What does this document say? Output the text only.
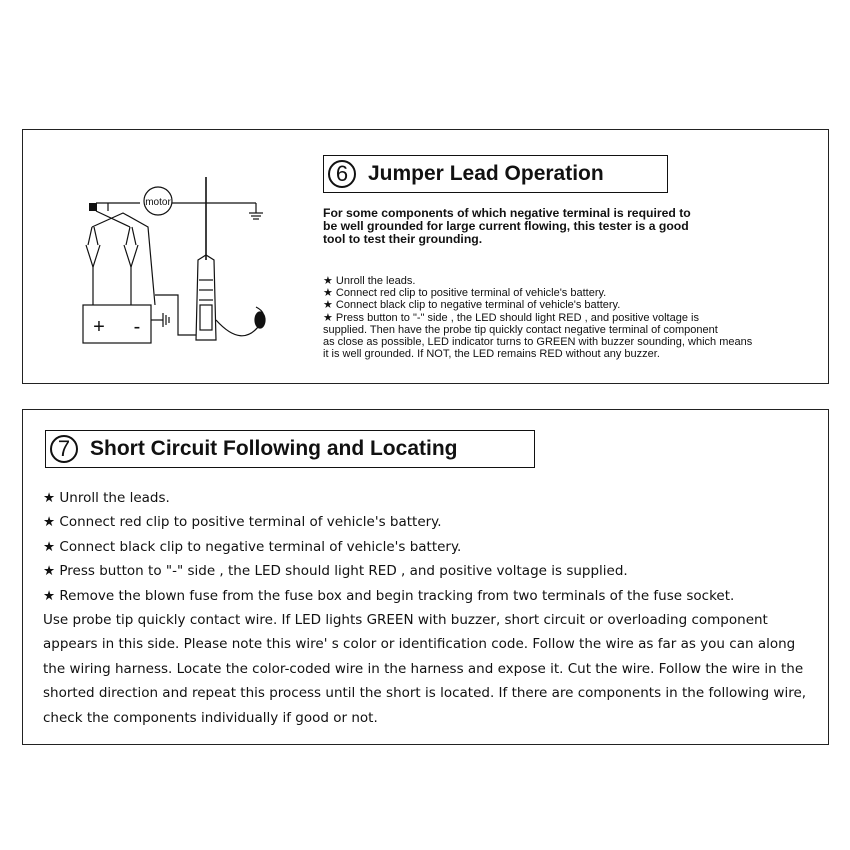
motor
+ -
6 Jumper Lead Operation
For some components of which negative terminal is required to
be well grounded for large current flowing, this tester is a good
tool to test their grounding.
★ Unroll the leads.
★ Connect red clip to positive terminal of vehicle's battery.
★ Connect black clip to negative terminal of vehicle's battery.
★ Press button to "-" side , the LED should light RED , and positive voltage is
supplied. Then have the probe tip quickly contact negative terminal of component
as close as possible, LED indicator turns to GREEN with buzzer sounding, which means
it is well grounded. If NOT, the LED remains RED without any buzzer.
7 Short Circuit Following and Locating
★ Unroll the leads.
★ Connect red clip to positive terminal of vehicle's battery.
★ Connect black clip to negative terminal of vehicle's battery.
★ Press button to "-" side , the LED should light RED , and positive voltage is supplied.
★ Remove the blown fuse from the fuse box and begin tracking from two terminals of the fuse socket.
Use probe tip quickly contact wire. If LED lights GREEN with buzzer, short circuit or overloading component
appears in this side. Please note this wire' s color or identification code. Follow the wire as far as you can along
the wiring harness. Locate the color-coded wire in the harness and expose it. Cut the wire. Follow the wire in the
shorted direction and repeat this process until the short is located. If there are components in the following wire,
check the components individually if good or not.
